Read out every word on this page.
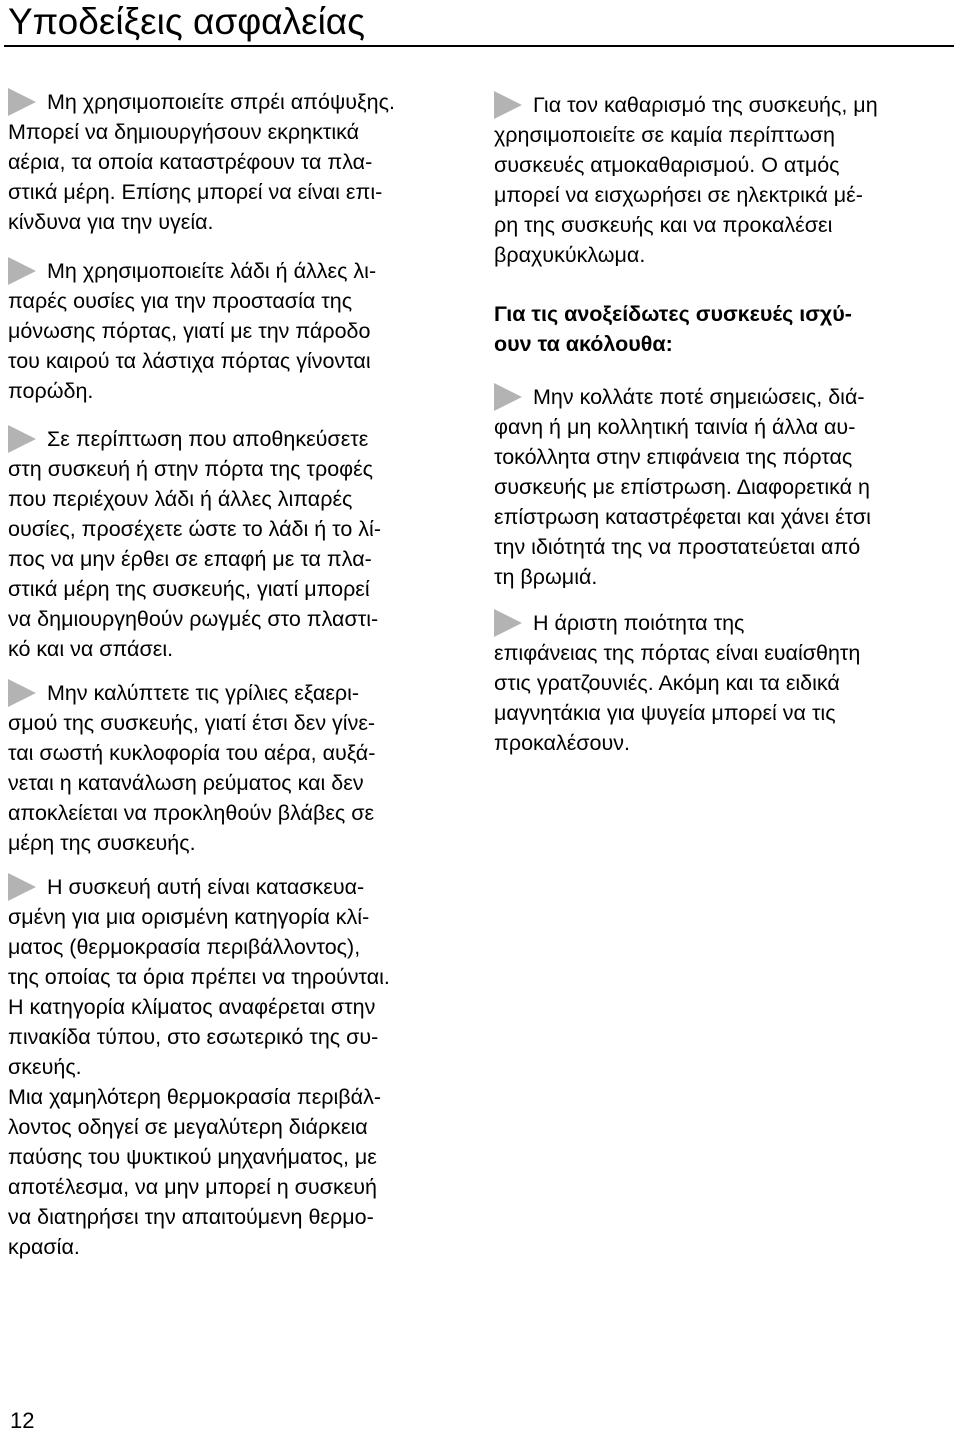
Υποδείξεις ασφαλείας
Μη χρησιμοποιείτε σπρέι απόψυξης.
Μπορεί να δημιουργήσουν εκρηκτικά
αέρια, τα οποία καταστρέφουν τα πλα-
στικά μέρη. Επίσης μπορεί να είναι επι-
κίνδυνα για την υγεία.
Μη χρησιμοποιείτε λάδι ή άλλες λι-
παρές ουσίες για την προστασία της
μόνωσης πόρτας, γιατί με την πάροδο
του καιρού τα λάστιχα πόρτας γίνονται
πορώδη.
Σε περίπτωση που αποθηκεύσετε
στη συσκευή ή στην πόρτα της τροφές
που περιέχουν λάδι ή άλλες λιπαρές
ουσίες, προσέχετε ώστε το λάδι ή το λί-
πος να μην έρθει σε επαφή με τα πλα-
στικά μέρη της συσκευής, γιατί μπορεί
να δημιουργηθούν ρωγμές στο πλαστι-
κό και να σπάσει.
Μην καλύπτετε τις γρίλιες εξαερι-
σμού της συσκευής, γιατί έτσι δεν γίνε-
ται σωστή κυκλοφορία του αέρα, αυξά-
νεται η κατανάλωση ρεύματος και δεν
αποκλείεται να προκληθούν βλάβες σε
μέρη της συσκευής.
Η συσκευή αυτή είναι κατασκευα-
σμένη για μια ορισμένη κατηγορία κλί-
ματος (θερμοκρασία περιβάλλοντος),
της οποίας τα όρια πρέπει να τηρούνται.
Η κατηγορία κλίματος αναφέρεται στην
πινακίδα τύπου, στο εσωτερικό της συ-
σκευής.
Μια χαμηλότερη θερμοκρασία περιβάλ-
λοντος οδηγεί σε μεγαλύτερη διάρκεια
παύσης του ψυκτικού μηχανήματος, με
αποτέλεσμα, να μην μπορεί η συσκευή
να διατηρήσει την απαιτούμενη θερμο-
κρασία.
Για τον καθαρισμό της συσκευής, μη
χρησιμοποιείτε σε καμία περίπτωση
συσκευές ατμοκαθαρισμού. Ο ατμός
μπορεί να εισχωρήσει σε ηλεκτρικά μέ-
ρη της συσκευής και να προκαλέσει
βραχυκύκλωμα.
Για τις ανοξείδωτες συσκευές ισχύ-
ουν τα ακόλουθα:
Μην κολλάτε ποτέ σημειώσεις, διά-
φανη ή μη κολλητική ταινία ή άλλα αυ-
τοκόλλητα στην επιφάνεια της πόρτας
συσκευής με επίστρωση. Διαφορετικά η
επίστρωση καταστρέφεται και χάνει έτσι
την ιδιότητά της να προστατεύεται από
τη βρωμιά.
Η άριστη ποιότητα της
επιφάνειας της πόρτας είναι ευαίσθητη
στις γρατζουνιές. Ακόμη και τα ειδικά
μαγνητάκια για ψυγεία μπορεί να τις
προκαλέσουν.
12
